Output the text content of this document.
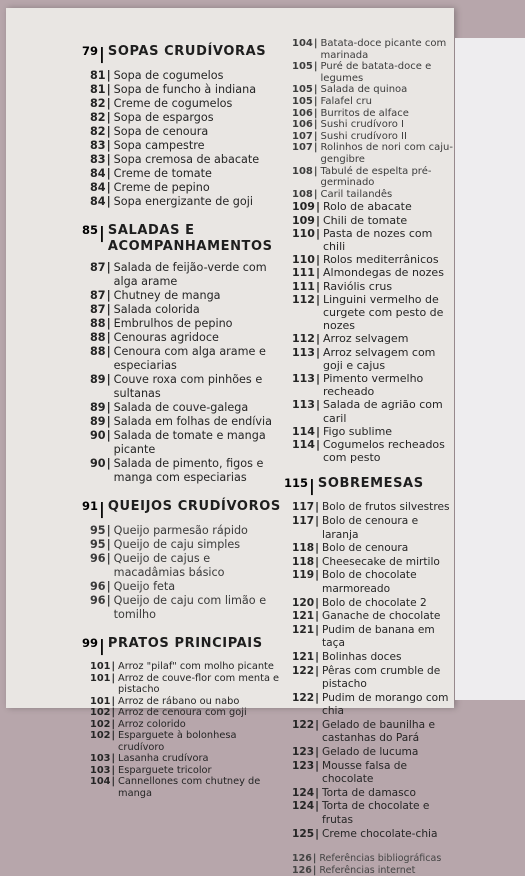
79 | SOPAS CRUDÍVORAS
81 | Sopa de cogumelos
81 | Sopa de funcho à indiana
82 | Creme de cogumelos
82 | Sopa de espargos
82 | Sopa de cenoura
83 | Sopa campestre
83 | Sopa cremosa de abacate
84 | Creme de tomate
84 | Creme de pepino
84 | Sopa energizante de goji
85 | SALADAS E ACOMPANHAMENTOS
87 | Salada de feijão-verde com alga arame
87 | Chutney de manga
87 | Salada colorida
88 | Embrulhos de pepino
88 | Cenouras agridoce
88 | Cenoura com alga arame e especiarias
89 | Couve roxa com pinhões e sultanas
89 | Salada de couve-galega
89 | Salada em folhas de endívia
90 | Salada de tomate e manga picante
90 | Salada de pimento, figos e manga com especiarias
91 | QUEIJOS CRUDÍVOROS
95 | Queijo parmesão rápido
95 | Queijo de caju simples
96 | Queijo de cajus e macadâmias básico
96 | Queijo feta
96 | Queijo de caju com limão e tomilho
99 | PRATOS PRINCIPAIS
101 | Arroz "pilaf" com molho picante
101 | Arroz de couve-flor com menta e pistacho
101 | Arroz de rábano ou nabo
102 | Arroz de cenoura com goji
102 | Arroz colorido
102 | Esparguete à bolonhesa crudívoro
103 | Lasanha crudívora
103 | Esparguete tricolor
104 | Cannellones com chutney de manga
104 | Batata-doce picante com marinada
105 | Puré de batata-doce e legumes
105 | Salada de quinoa
105 | Falafel cru
106 | Burritos de alface
106 | Sushi crudívoro I
107 | Sushi crudívoro II
107 | Rolinhos de nori com caju-gengibre
108 | Tabulé de espelta pré-germinado
108 | Caril tailandês
109 | Rolo de abacate
109 | Chili de tomate
110 | Pasta de nozes com chili
110 | Rolos mediterrânicos
111 | Almondegas de nozes
111 | Raviólis crus
112 | Linguini vermelho de curgete com pesto de nozes
112 | Arroz selvagem
113 | Arroz selvagem com goji e cajus
113 | Pimento vermelho recheado
113 | Salada de agrião com caril
114 | Figo sublime
114 | Cogumelos recheados com pesto
115 | SOBREMESAS
117 | Bolo de frutos silvestres
117 | Bolo de cenoura e laranja
118 | Bolo de cenoura
118 | Cheesecake de mirtilo
119 | Bolo de chocolate marmoreado
120 | Bolo de chocolate 2
121 | Ganache de chocolate
121 | Pudim de banana em taça
121 | Bolinhas doces
122 | Pêras com crumble de pistacho
122 | Pudim de morango com chia
122 | Gelado de baunilha e castanhas do Pará
123 | Gelado de lucuma
123 | Mousse falsa de chocolate
124 | Torta de damasco
124 | Torta de chocolate e frutas
125 | Creme chocolate-chia
126 | Referências bibliográficas
126 | Referências internet
